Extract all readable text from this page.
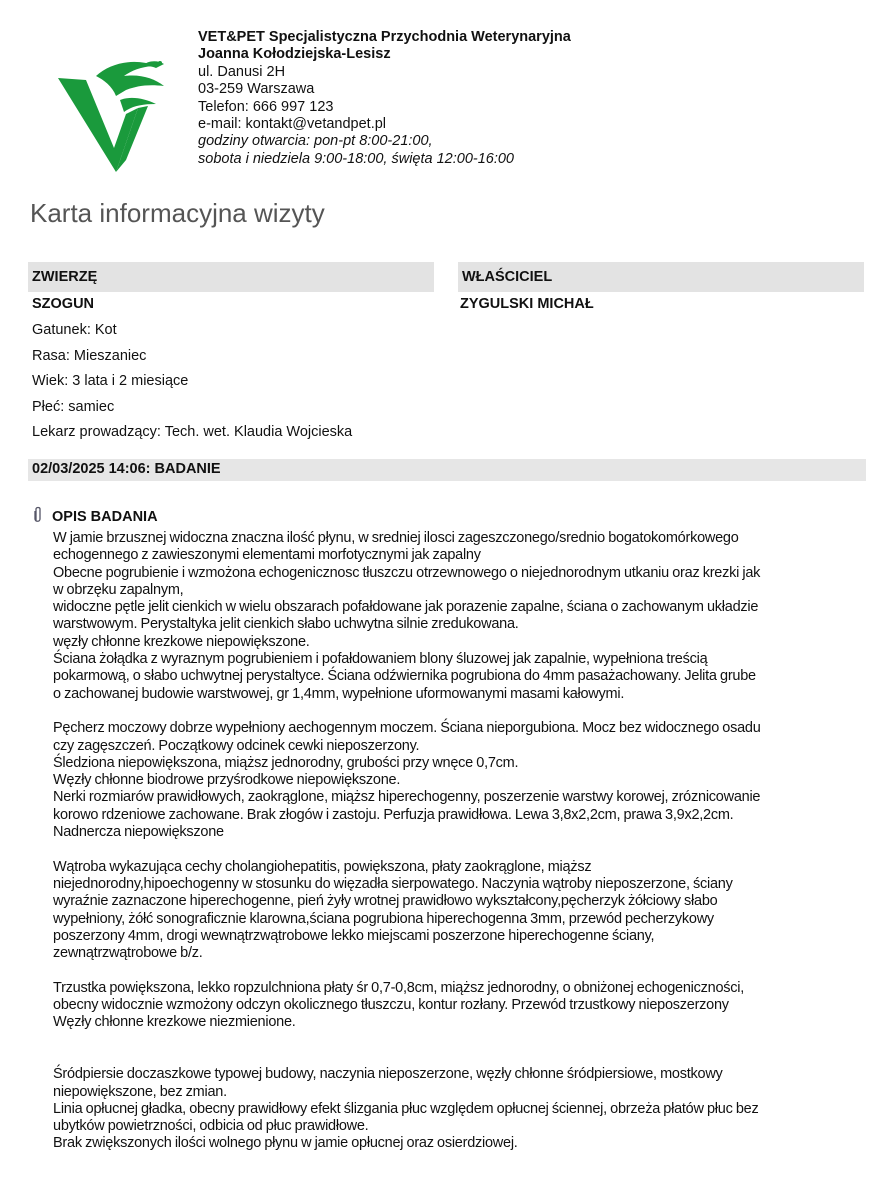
VET&PET Specjalistyczna Przychodnia Weterynaryjna
Joanna Kołodziejska-Lesisz
ul. Danusi 2H
03-259 Warszawa
Telefon: 666 997 123
e-mail: kontakt@vetandpet.pl
godziny otwarcia: pon-pt 8:00-21:00,
sobota i niedziela 9:00-18:00, święta 12:00-16:00
Karta informacyjna wizyty
ZWIERZĘ	WŁAŚCICIEL
SZOGUN	ZYGULSKI MICHAŁ
Gatunek: Kot
Rasa: Mieszaniec
Wiek: 3 lata i 2 miesiące
Płeć: samiec
Lekarz prowadzący: Tech. wet. Klaudia Wojcieska
02/03/2025 14:06: BADANIE
OPIS BADANIA
W jamie brzusznej widoczna znaczna ilość płynu, w sredniej ilosci zageszczonego/srednio bogatokomórkowego
echogennego z zawieszonymi elementami morfotycznymi jak zapalny
Obecne pogrubienie i wzmożona echogenicznosc tłuszczu otrzewnowego o niejednorodnym utkaniu oraz krezki jak
w obrzęku zapalnym,
widoczne pętle jelit cienkich w wielu obszarach pofałdowane jak porazenie zapalne, ściana o zachowanym układzie
warstwowym. Perystaltyka jelit cienkich słabo uchwytna silnie zredukowana.
węzły chłonne krezkowe niepowiększone.
Ściana żołądka z wyraznym pogrubieniem i pofałdowaniem blony śluzowej jak zapalnie, wypełniona treścią
pokarmową, o słabo uchwytnej perystaltyce. Ściana odźwiernika pogrubiona do 4mm pasażachowany. Jelita grube
o zachowanej budowie warstwowej, gr 1,4mm, wypełnione uformowanymi masami kałowymi.
Pęcherz moczowy dobrze wypełniony aechogennym moczem. Ściana nieporgubiona. Mocz bez widocznego osadu
czy zagęszczeń. Początkowy odcinek cewki nieposzerzony.
Śledziona niepowiększona, miąższ jednorodny, grubości przy wnęce 0,7cm.
Węzły chłonne biodrowe przyśrodkowe niepowiększone.
Nerki rozmiarów prawidłowych, zaokrąglone, miąższ hiperechogenny, poszerzenie warstwy korowej, zróznicowanie
korowo rdzeniowe zachowane. Brak złogów i zastoju. Perfuzja prawidłowa. Lewa 3,8x2,2cm, prawa 3,9x2,2cm.
Nadnercza niepowiększone
Wątroba wykazująca cechy cholangiohepatitis, powiększona, płaty zaokrąglone, miąższ
niejednorodny,hipoechogenny w stosunku do więzadła sierpowatego. Naczynia wątroby nieposzerzone, ściany
wyraźnie zaznaczone hiperechogenne, pień żyły wrotnej prawidłowo wykształcony,pęcherzyk żółciowy słabo
wypełniony, żółć sonograficznie klarowna,ściana pogrubiona hiperechogenna 3mm, przewód pecherzykowy
poszerzony 4mm, drogi wewnątrzwątrobowe lekko miejscami poszerzone hiperechogenne ściany,
zewnątrzwątrobowe b/z.
Trzustka powiększona, lekko ropzulchniona płaty śr 0,7-0,8cm, miąższ jednorodny, o obniżonej echogeniczności,
obecny widocznie wzmożony odczyn okolicznego tłuszczu, kontur rozłany. Przewód trzustkowy nieposzerzony
Węzły chłonne krezkowe niezmienione.
Śródpiersie doczaszkowe typowej budowy, naczynia nieposzerzone, węzły chłonne śródpiersiowe, mostkowy
niepowiększone, bez zmian.
Linia opłucnej gładka, obecny prawidłowy efekt ślizgania płuc względem opłucnej ściennej, obrzeża płatów płuc bez
ubytków powietrzności, odbicia od płuc prawidłowe.
Brak zwiększonych ilości wolnego płynu w jamie opłucnej oraz osierdziowej.
